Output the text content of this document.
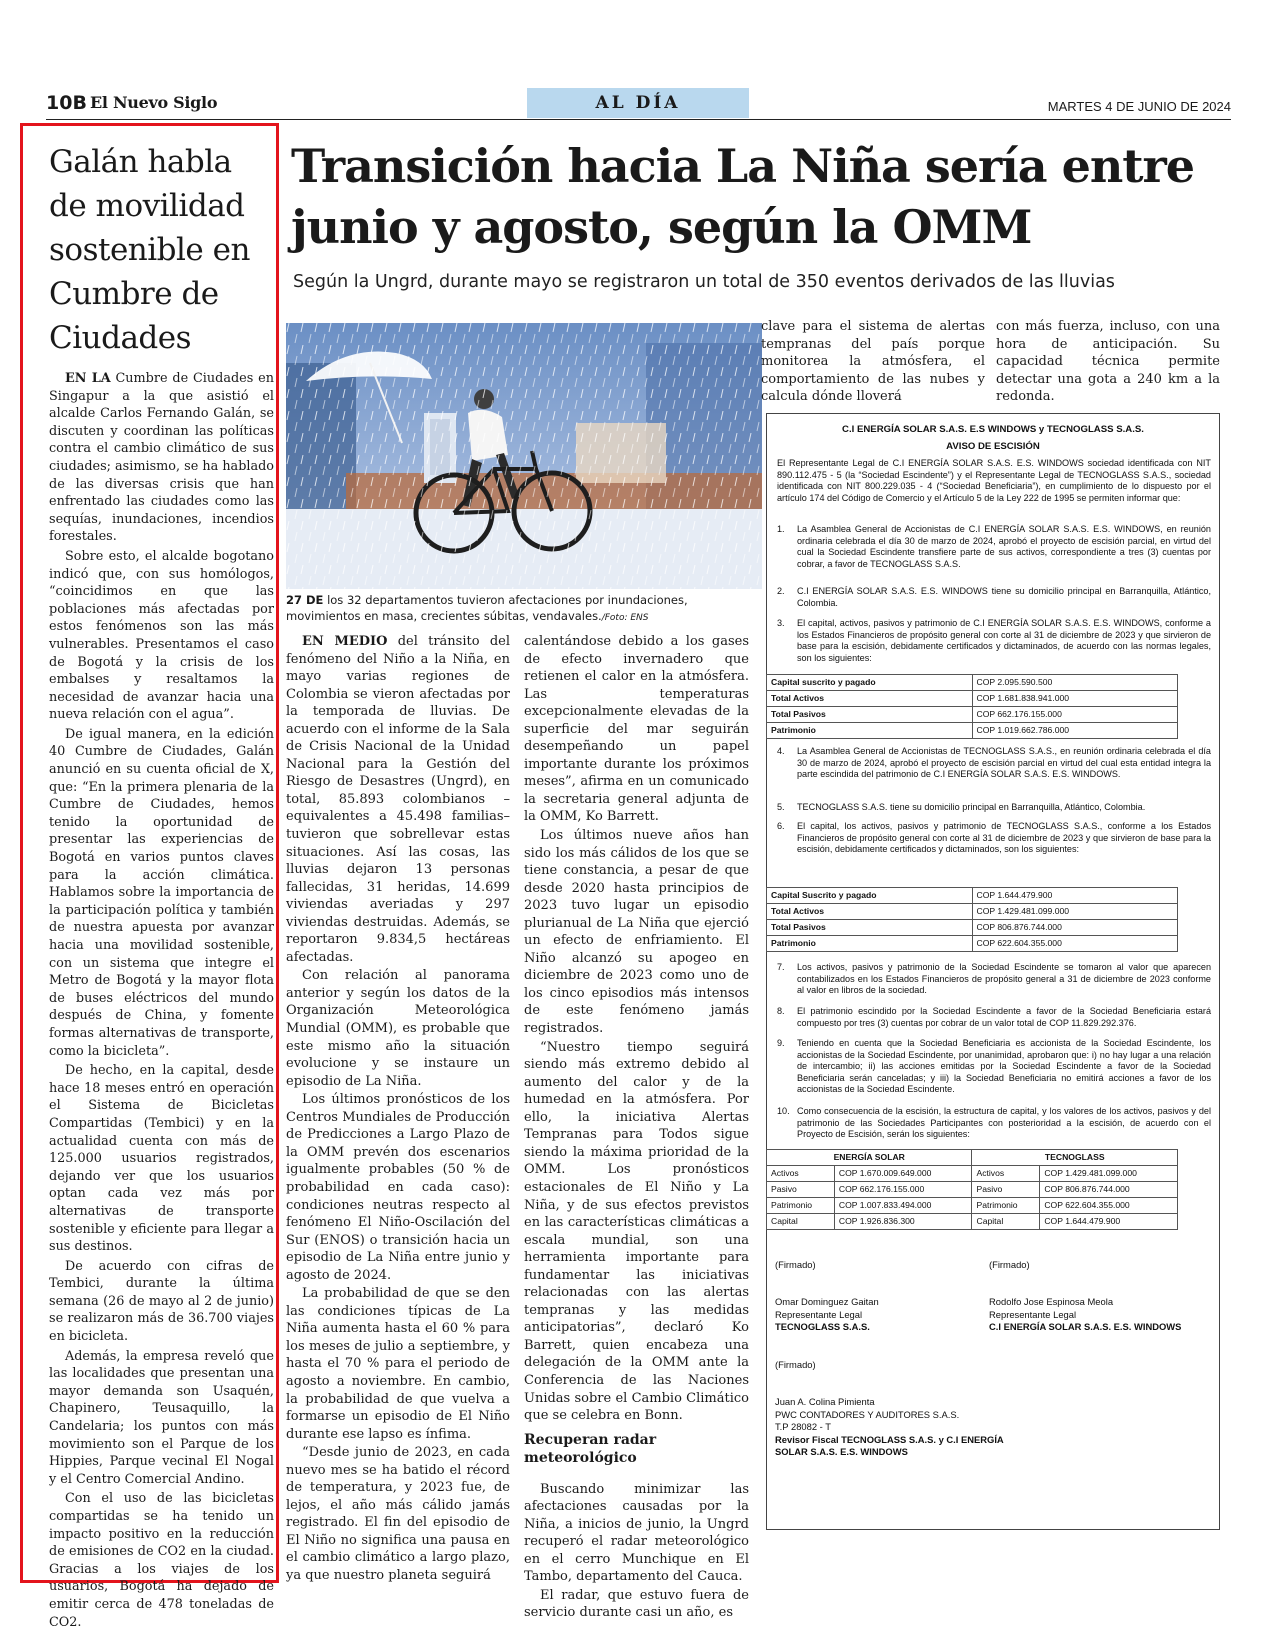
10B El Nuevo Siglo	AL DÍA	MARTES 4 DE JUNIO DE 2024
Galán habla de movilidad sostenible en Cumbre de Ciudades

EN LA Cumbre de Ciudades en Singapur a la que asistió el alcalde Carlos Fernando Galán, se discuten y coordinan las políticas contra el cambio climático de sus ciudades; asimismo, se ha hablado de las diversas crisis que han enfrentado las ciudades como las sequías, inundaciones, incendios forestales.

Sobre esto, el alcalde bogotano indicó que, con sus homólogos, “coincidimos en que las poblaciones más afectadas por estos fenómenos son las más vulnerables. Presentamos el caso de Bogotá y la crisis de los embalses y resaltamos la necesidad de avanzar hacia una nueva relación con el agua”.

De igual manera, en la edición 40 Cumbre de Ciudades, Galán anunció en su cuenta oficial de X, que: “En la primera plenaria de la Cumbre de Ciudades, hemos tenido la oportunidad de presentar las experiencias de Bogotá en varios puntos claves para la acción climática. Hablamos sobre la importancia de la participación política y también de nuestra apuesta por avanzar hacia una movilidad sostenible, con un sistema que integre el Metro de Bogotá y la mayor flota de buses eléctricos del mundo después de China, y fomente formas alternativas de transporte, como la bicicleta”.

De hecho, en la capital, desde hace 18 meses entró en operación el Sistema de Bicicletas Compartidas (Tembici) y en la actualidad cuenta con más de 125.000 usuarios registrados, dejando ver que los usuarios optan cada vez más por alternativas de transporte sostenible y eficiente para llegar a sus destinos.

De acuerdo con cifras de Tembici, durante la última semana (26 de mayo al 2 de junio) se realizaron más de 36.700 viajes en bicicleta.

Además, la empresa reveló que las localidades que presentan una mayor demanda son Usaquén, Chapinero, Teusaquillo, la Candelaria; los puntos con más movimiento son el Parque de los Hippies, Parque vecinal El Nogal y el Centro Comercial Andino.

Con el uso de las bicicletas compartidas se ha tenido un impacto positivo en la reducción de emisiones de CO2 en la ciudad. Gracias a los viajes de los usuarios, Bogotá ha dejado de emitir cerca de 478 toneladas de CO2.

Transición hacia La Niña sería entre junio y agosto, según la OMM
Según la Ungrd, durante mayo se registraron un total de 350 eventos derivados de las lluvias
27 DE los 32 departamentos tuvieron afectaciones por inundaciones, movimientos en masa, crecientes súbitas, vendavales./Foto: ENS

EN MEDIO del tránsito del fenómeno del Niño a la Niña, en mayo varias regiones de Colombia se vieron afectadas por la temporada de lluvias. De acuerdo con el informe de la Sala de Crisis Nacional de la Unidad Nacional para la Gestión del Riesgo de Desastres (Ungrd), en total, 85.893 colombianos –equivalentes a 45.498 familias– tuvieron que sobrellevar estas situaciones. Así las cosas, las lluvias dejaron 13 personas fallecidas, 31 heridas, 14.699 viviendas averiadas y 297 viviendas destruidas. Además, se reportaron 9.834,5 hectáreas afectadas.

Con relación al panorama anterior y según los datos de la Organización Meteorológica Mundial (OMM), es probable que este mismo año la situación evolucione y se instaure un episodio de La Niña.

Los últimos pronósticos de los Centros Mundiales de Producción de Predicciones a Largo Plazo de la OMM prevén dos escenarios igualmente probables (50 % de probabilidad en cada caso): condiciones neutras respecto al fenómeno El Niño-Oscilación del Sur (ENOS) o transición hacia un episodio de La Niña entre junio y agosto de 2024.

La probabilidad de que se den las condiciones típicas de La Niña aumenta hasta el 60 % para los meses de julio a septiembre, y hasta el 70 % para el periodo de agosto a noviembre. En cambio, la probabilidad de que vuelva a formarse un episodio de El Niño durante ese lapso es ínfima.

“Desde junio de 2023, en cada nuevo mes se ha batido el récord de temperatura, y 2023 fue, de lejos, el año más cálido jamás registrado. El fin del episodio de El Niño no significa una pausa en el cambio climático a largo plazo, ya que nuestro planeta seguirá

calentándose debido a los gases de efecto invernadero que retienen el calor en la atmósfera. Las temperaturas excepcionalmente elevadas de la superficie del mar seguirán desempeñando un papel importante durante los próximos meses”, afirma en un comunicado la secretaria general adjunta de la OMM, Ko Barrett.

Los últimos nueve años han sido los más cálidos de los que se tiene constancia, a pesar de que desde 2020 hasta principios de 2023 tuvo lugar un episodio plurianual de La Niña que ejerció un efecto de enfriamiento. El Niño alcanzó su apogeo en diciembre de 2023 como uno de los cinco episodios más intensos de este fenómeno jamás registrados.

“Nuestro tiempo seguirá siendo más extremo debido al aumento del calor y de la humedad en la atmósfera. Por ello, la iniciativa Alertas Tempranas para Todos sigue siendo la máxima prioridad de la OMM. Los pronósticos estacionales de El Niño y La Niña, y de sus efectos previstos en las características climáticas a escala mundial, son una herramienta importante para fundamentar las iniciativas relacionadas con las alertas tempranas y las medidas anticipatorias”, declaró Ko Barrett, quien encabeza una delegación de la OMM ante la Conferencia de las Naciones Unidas sobre el Cambio Climático que se celebra en Bonn.

Recuperan radar meteorológico

Buscando minimizar las afectaciones causadas por la Niña, a inicios de junio, la Ungrd recuperó el radar meteorológico en el cerro Munchique en El Tambo, departamento del Cauca.

El radar, que estuvo fuera de servicio durante casi un año, es

clave para el sistema de alertas tempranas del país porque monitorea la atmósfera, el comportamiento de las nubes y calcula dónde lloverá

con más fuerza, incluso, con una hora de anticipación. Su capacidad técnica permite detectar una gota a 240 km a la redonda.

C.I ENERGÍA SOLAR S.A.S. E.S WINDOWS y TECNOGLASS S.A.S.
AVISO DE ESCISIÓN
El Representante Legal de C.I ENERGÍA SOLAR S.A.S. E.S. WINDOWS sociedad identificada con NIT 890.112.475 - 5 (la “Sociedad Escindente”) y el Representante Legal de TECNOGLASS S.A.S., sociedad identificada con NIT 800.229.035 - 4 (“Sociedad Beneficiaria”), en cumplimiento de lo dispuesto por el artículo 174 del Código de Comercio y el Artículo 5 de la Ley 222 de 1995 se permiten informar que:
1. La Asamblea General de Accionistas de C.I ENERGÍA SOLAR S.A.S. E.S. WINDOWS, en reunión ordinaria celebrada el día 30 de marzo de 2024, aprobó el proyecto de escisión parcial, en virtud del cual la Sociedad Escindente transfiere parte de sus activos, correspondiente a tres (3) cuentas por cobrar, a favor de TECNOGLASS S.A.S.
2. C.I ENERGÍA SOLAR S.A.S. E.S. WINDOWS tiene su domicilio principal en Barranquilla, Atlántico, Colombia.
3. El capital, activos, pasivos y patrimonio de C.I ENERGÍA SOLAR S.A.S. E.S. WINDOWS, conforme a los Estados Financieros de propósito general con corte al 31 de diciembre de 2023 y que sirvieron de base para la escisión, debidamente certificados y dictaminados, de acuerdo con las normas legales, son los siguientes:
Capital suscrito y pagado	COP 2.095.590.500
Total Activos	COP 1.681.838.941.000
Total Pasivos	COP 662.176.155.000
Patrimonio	COP 1.019.662.786.000
4. La Asamblea General de Accionistas de TECNOGLASS S.A.S., en reunión ordinaria celebrada el día 30 de marzo de 2024, aprobó el proyecto de escisión parcial en virtud del cual esta entidad integra la parte escindida del patrimonio de C.I ENERGÍA SOLAR S.A.S. E.S. WINDOWS.
5. TECNOGLASS S.A.S. tiene su domicilio principal en Barranquilla, Atlántico, Colombia.
6. El capital, los activos, pasivos y patrimonio de TECNOGLASS S.A.S., conforme a los Estados Financieros de propósito general con corte al 31 de diciembre de 2023 y que sirvieron de base para la escisión, debidamente certificados y dictaminados, son los siguientes:
Capital Suscrito y pagado	COP 1.644.479.900
Total Activos	COP 1.429.481.099.000
Total Pasivos	COP 806.876.744.000
Patrimonio	COP 622.604.355.000
7. Los activos, pasivos y patrimonio de la Sociedad Escindente se tomaron al valor que aparecen contabilizados en los Estados Financieros de propósito general a 31 de diciembre de 2023 conforme al valor en libros de la sociedad.
8. El patrimonio escindido por la Sociedad Escindente a favor de la Sociedad Beneficiaria estará compuesto por tres (3) cuentas por cobrar de un valor total de COP 11.829.292.376.
9. Teniendo en cuenta que la Sociedad Beneficiaria es accionista de la Sociedad Escindente, los accionistas de la Sociedad Escindente, por unanimidad, aprobaron que: i) no hay lugar a una relación de intercambio; ii) las acciones emitidas por la Sociedad Escindente a favor de la Sociedad Beneficiaria serán canceladas; y iii) la Sociedad Beneficiaria no emitirá acciones a favor de los accionistas de la Sociedad Escindente.
10. Como consecuencia de la escisión, la estructura de capital, y los valores de los activos, pasivos y del patrimonio de las Sociedades Participantes con posterioridad a la escisión, de acuerdo con el Proyecto de Escisión, serán los siguientes:
ENERGÍA SOLAR		TECNOGLASS	
Activos	COP 1.670.009.649.000	Activos	COP 1.429.481.099.000
Pasivo	COP 662.176.155.000	Pasivo	COP 806.876.744.000
Patrimonio	COP 1.007.833.494.000	Patrimonio	COP 622.604.355.000
Capital	COP 1.926.836.300	Capital	COP 1.644.479.900
(Firmado)	(Firmado)
Omar Dominguez Gaitan
Representante Legal
TECNOGLASS S.A.S.
Rodolfo Jose Espinosa Meola
Representante Legal
C.I ENERGÍA SOLAR S.A.S. E.S. WINDOWS
(Firmado)
Juan A. Colina Pimienta
PWC CONTADORES Y AUDITORES S.A.S.
T.P 28082 - T
Revisor Fiscal TECNOGLASS S.A.S. y C.I ENERGÍA SOLAR S.A.S. E.S. WINDOWS
